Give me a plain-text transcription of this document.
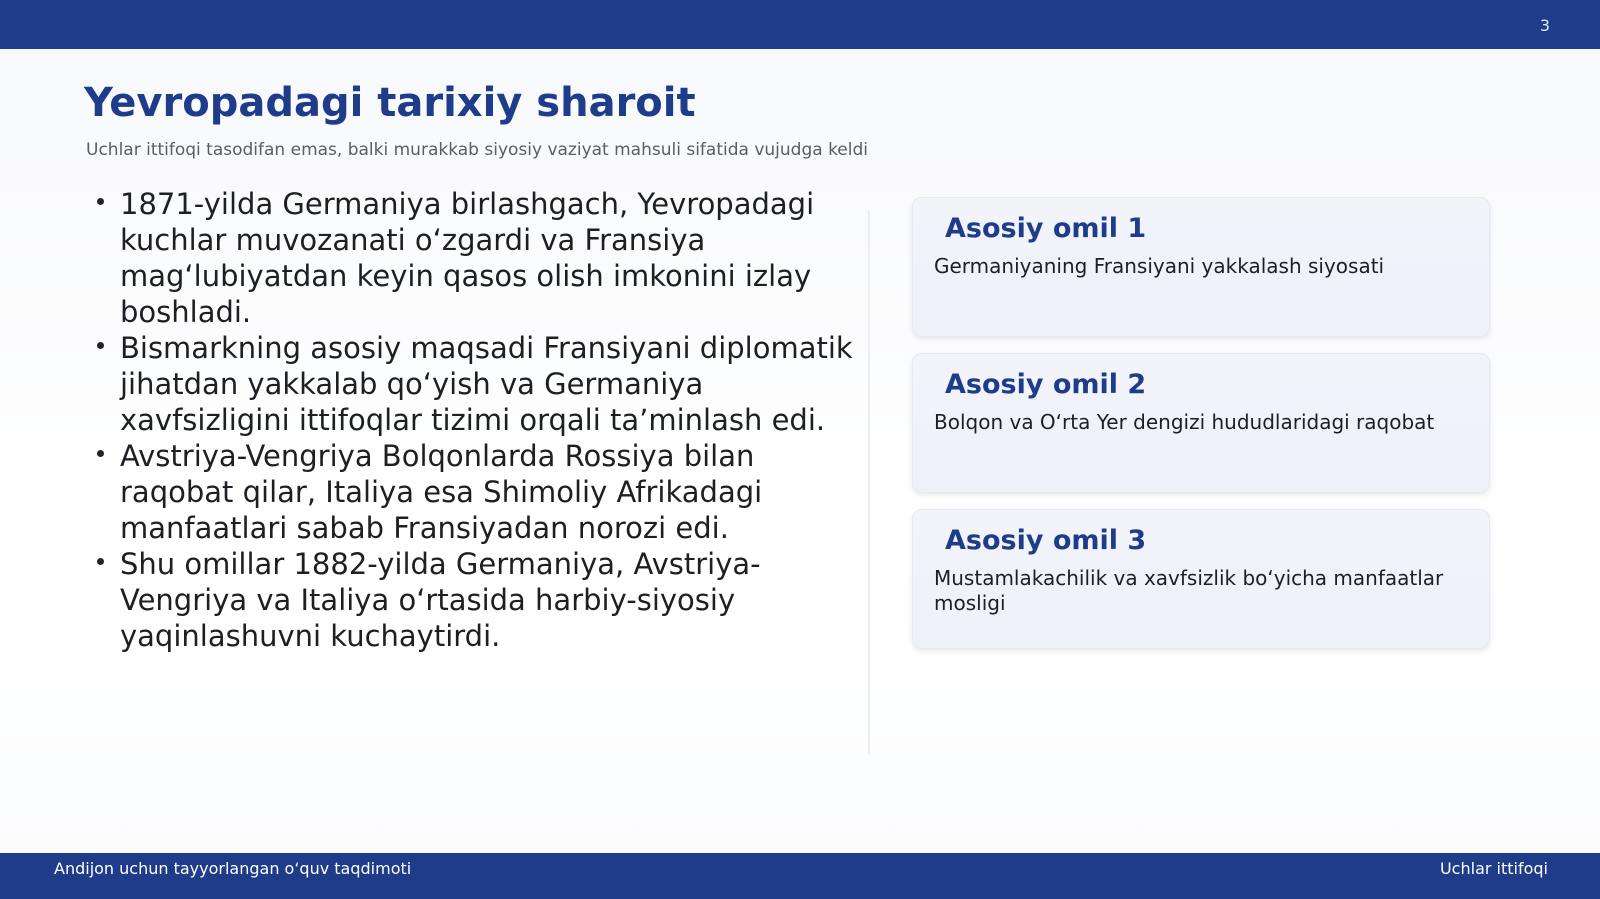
3
Yevropadagi tarixiy sharoit

Uchlar ittifoqi tasodifan emas, balki murakkab siyosiy vaziyat mahsuli sifatida vujudga keldi

1871-yilda Germaniya birlashgach, Yevropadagi kuchlar muvozanati o‘zgardi va Fransiya mag‘lubiyatdan keyin qasos olish imkonini izlay boshladi.
Bismarkning asosiy maqsadi Fransiyani diplomatik jihatdan yakkalab qo‘yish va Germaniya xavfsizligini ittifoqlar tizimi orqali ta’minlash edi.
Avstriya-Vengriya Bolqonlarda Rossiya bilan raqobat qilar, Italiya esa Shimoliy Afrikadagi manfaatlari sabab Fransiyadan norozi edi.
Shu omillar 1882-yilda Germaniya, Avstriya-Vengriya va Italiya o‘rtasida harbiy-siyosiy yaqinlashuvni kuchaytirdi.
Asosiy omil 1

Germaniyaning Fransiyani yakkalash siyosati

Asosiy omil 2

Bolqon va O‘rta Yer dengizi hududlaridagi raqobat

Asosiy omil 3

Mustamlakachilik va xavfsizlik bo‘yicha manfaatlar mosligi

Andijon uchun tayyorlangan o‘quv taqdimoti	Uchlar ittifoqi
